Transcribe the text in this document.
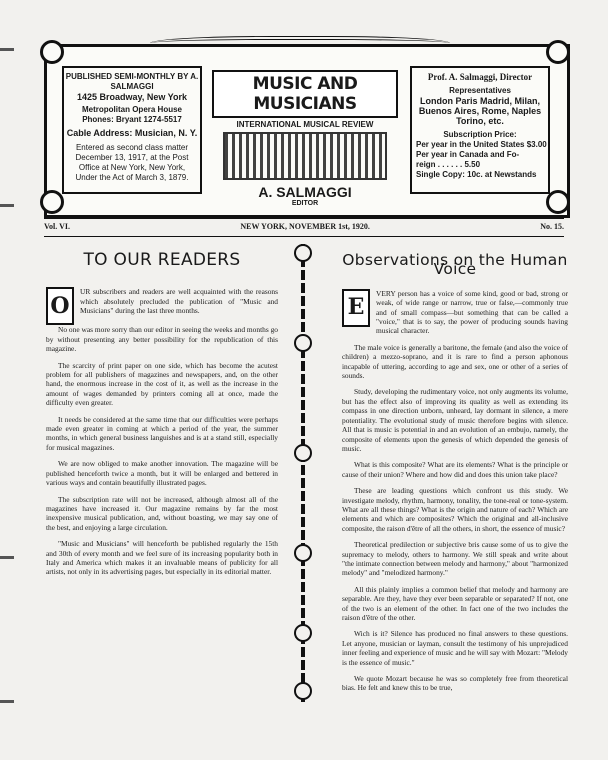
PUBLISHED SEMI-MONTHLY BY A. SALMAGGI
1425 Broadway, New York
Metropolitan Opera House
Phones: Bryant 1274-5517
Cable Address: Musician, N. Y.
Entered as second class matter
December 13, 1917, at the Post
Office at New York, New York,
Under the Act of March 3, 1879.
MUSIC AND MUSICIANS
INTERNATIONAL MUSICAL REVIEW
A. SALMAGGI
EDITOR
Prof. A. Salmaggi, Director
Representatives
London Paris Madrid, Milan,
Buenos Aires, Rome, Naples
Torino, etc.
Subscription Price:
Per year in the United States $3.00
Per year in Canada and Fo-
reign . . . . . . 5.50
Single Copy: 10c. at Newstands
Vol. VI.	NEW YORK, NOVEMBER 1st, 1920.	No. 15.
TO OUR READERS
O

UR subscribers and readers are well acquainted with the reasons which absolutely precluded the publication of "Music and Musicians" during the last three months.

No one was more sorry than our editor in seeing the weeks and months go by without presenting any better possibility for the republication of this magazine.

The scarcity of print paper on one side, which has become the acutest problem for all publishers of magazines and newspapers, and, on the other hand, the enormous increase in the cost of it, as well as the increase in the amount of wages demanded by printers coming all at once, made the difficulty even greater.

It needs be considered at the same time that our difficulties were perhaps made even greater in coming at which a period of the year, the summer months, in which general business languishes and is at a stand still, especially for musical magazines.

We are now obliged to make another innovation. The magazine will be published henceforth twice a month, but it will be enlarged and bettered in various ways and contain beautifully illustrated pages.

The subscription rate will not be increased, although almost all of the magazines have increased it. Our magazine remains by far the most inexpensive musical publication, and, without boasting, we may say one of the best, and enjoying a large circulation.

"Music and Musicians" will henceforth be published regularly the 15th and 30th of every month and we feel sure of its increasing popularity both in Italy and America which makes it an invaluable means of publicity for all artists, not only in its advertising pages, but especially in its editorial matter.

Observations on the Human Voice
E

VERY person has a voice of some kind, good or bad, strong or weak, of wide range or narrow, true or false,—commonly true and of small compass—but something that can be called a "voice," that is to say, the power of producing sounds having musical character.

The male voice is generally a baritone, the female (and also the voice of children) a mezzo-soprano, and it is rare to find a person aphonous incapable of uttering, according to age and sex, one or other of a series of sounds.

Study, developing the rudimentary voice, not only augments its volume, but has the effect also of improving its quality as well as extending its compass in one direction unborn, unheard, lay dormant in silence, a mere potentiality. The evolutional study of music therefore begins with silence. All that is music is potential in and an evolution of an embujo, namely, the composite of elements upon the genesis of which depended the genesis of music.

What is this composite? What are its elements? What is the principle or cause of their union? Where and how did and does this union take place?

These are leading questions which confront us this study. We investigate melody, rhythm, harmony, tonality, the tone-real or tone-system. What are all these things? What is the origin and nature of each? Which are elements and which are composites? Which the original and all-inclusive composite, the raison d'être of all the others, in short, the essence of music?

Theoretical predilection or subjective bris cause some of us to give the supremacy to melody, others to harmony. We still speak and write about "the intimate connection between melody and harmony," about "harmonized melody" and "melodized harmony."

All this plainly implies a common belief that melody and harmony are separable. Are they, have they ever been separable or separated? If not, one of the two is an element of the other. In fact one of the two includes the raison d'être of the other.

Wich is it? Silence has produced no final answers to these questions. Let anyone, musician or layman, consult the testimony of his unprejudiced inner feeling and experience of music and he will say with Mozart: "Melody is the essence of music."

We quote Mozart because he was so completely free from theoretical bias. He felt and knew this to be true,
